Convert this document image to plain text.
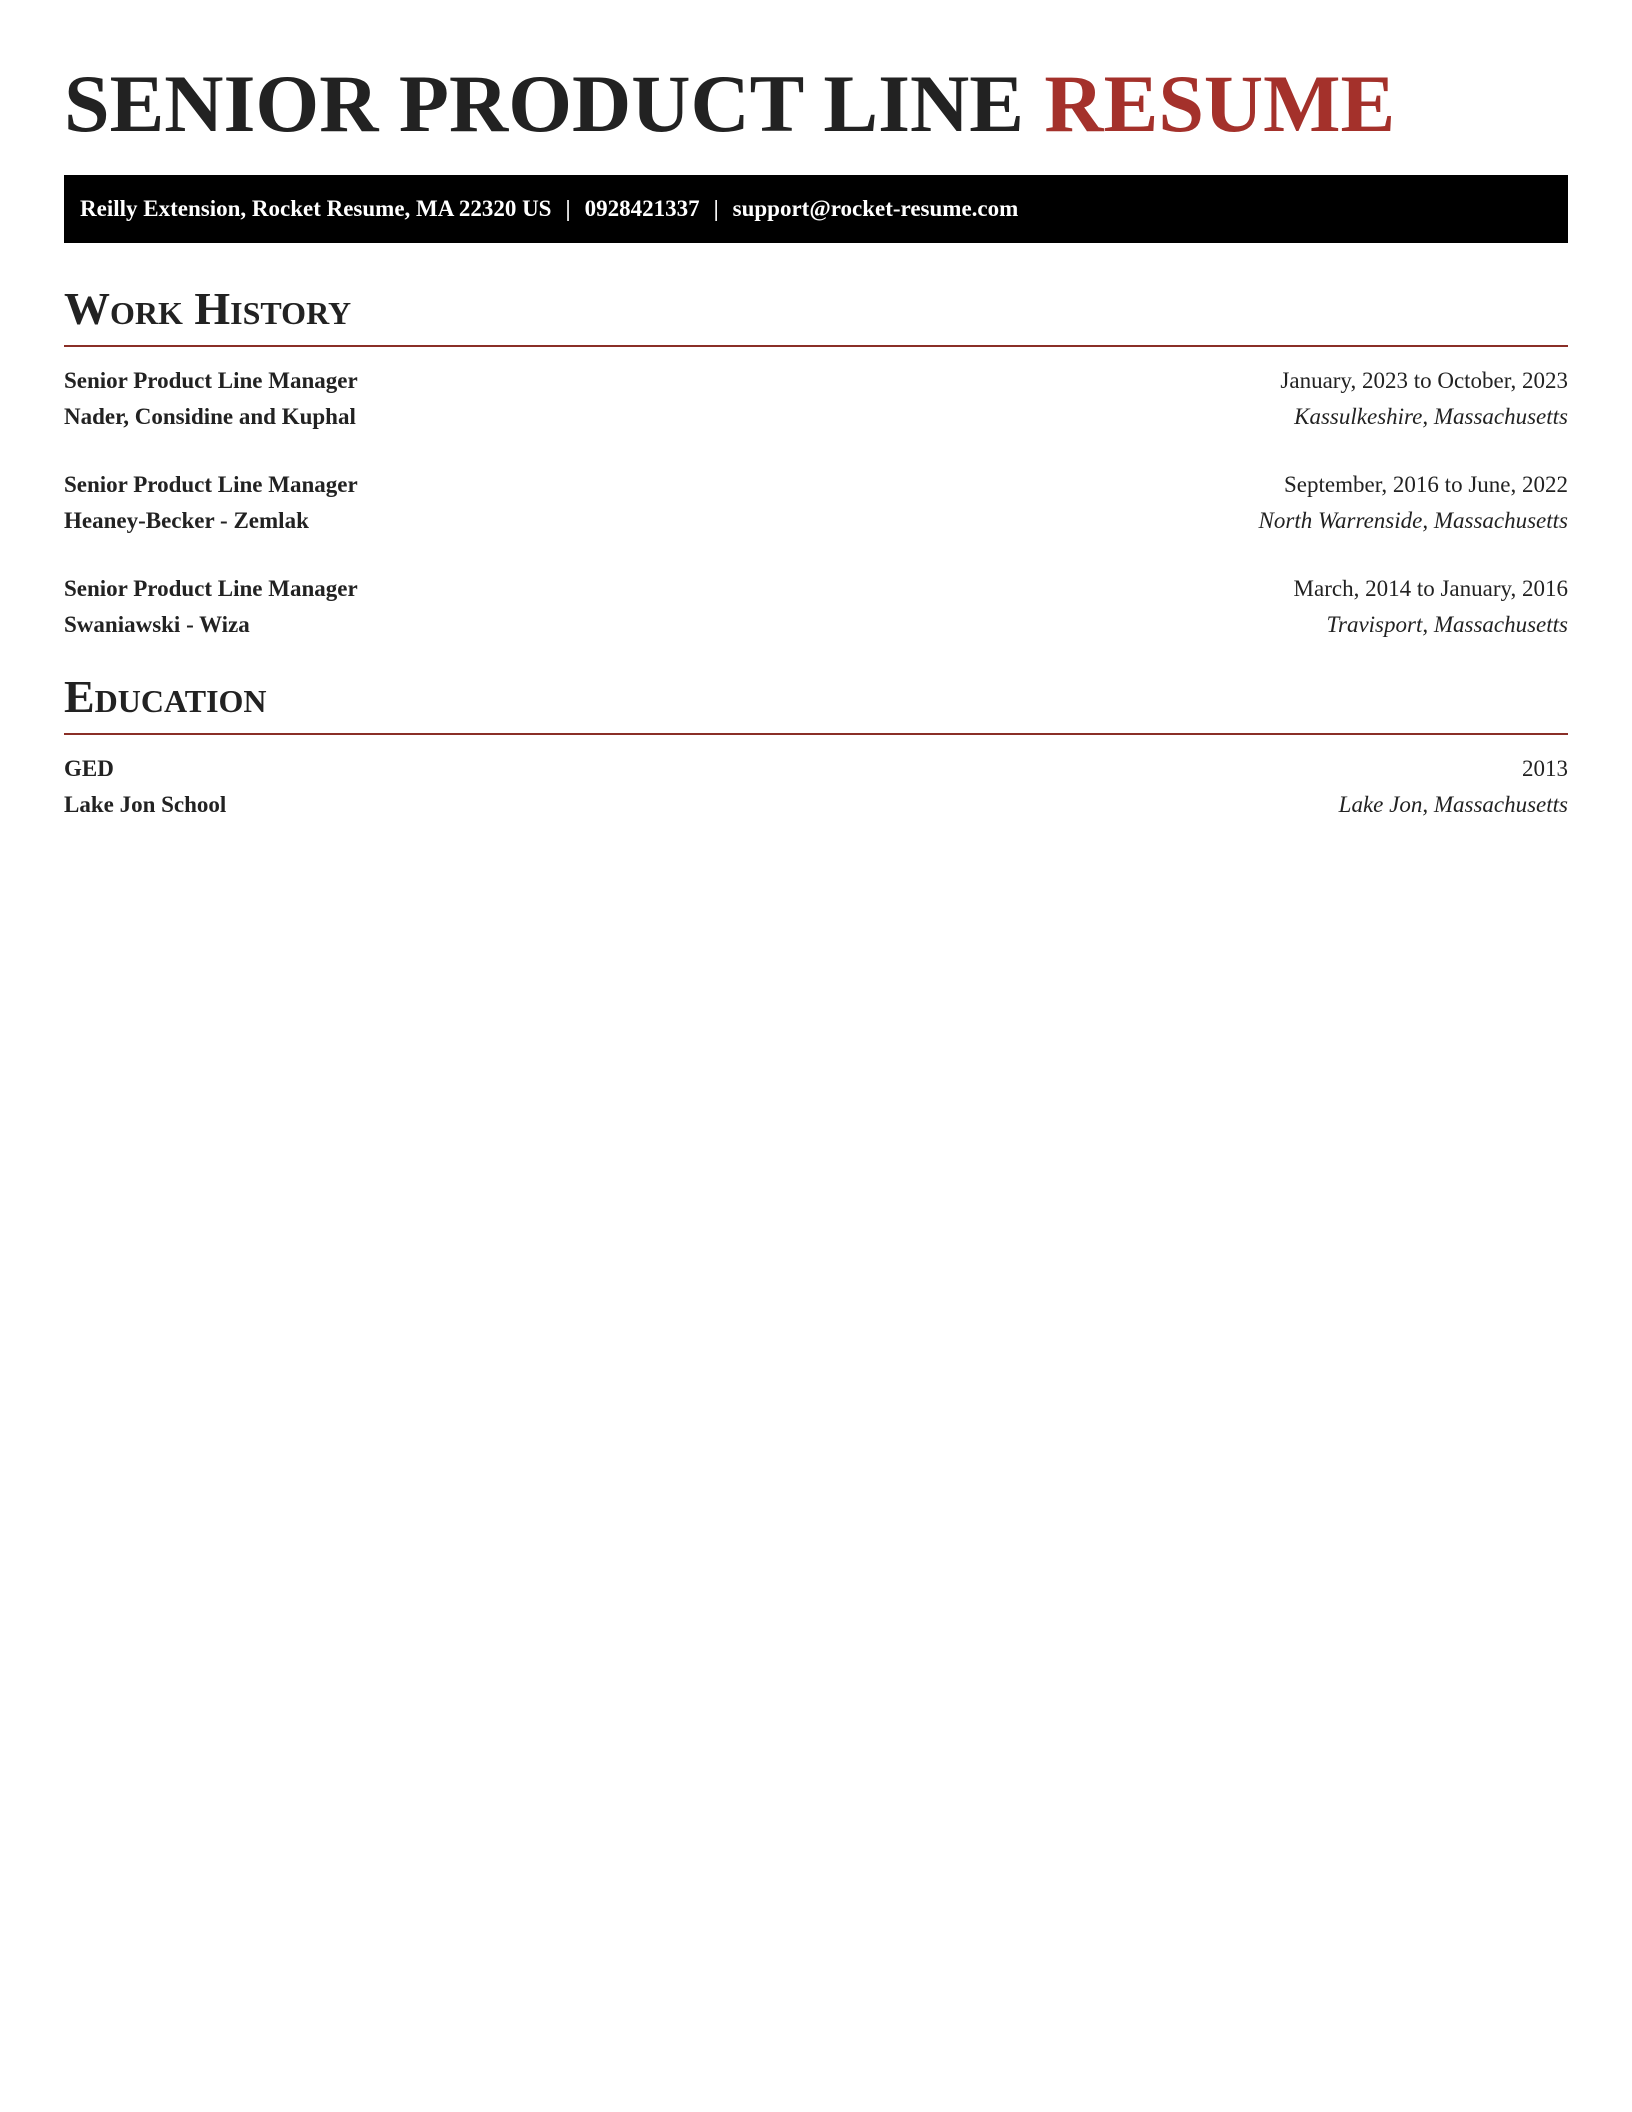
SENIOR PRODUCT LINE RESUME
Reilly Extension, Rocket Resume, MA 22320 US | 0928421337 | support@rocket-resume.com
Work History
Senior Product Line Manager
Nader, Considine and Kuphal
January, 2023 to October, 2023
Kassulkeshire, Massachusetts
Senior Product Line Manager
Heaney-Becker - Zemlak
September, 2016 to June, 2022
North Warrenside, Massachusetts
Senior Product Line Manager
Swaniawski - Wiza
March, 2014 to January, 2016
Travisport, Massachusetts
Education
GED
Lake Jon School
2013
Lake Jon, Massachusetts
